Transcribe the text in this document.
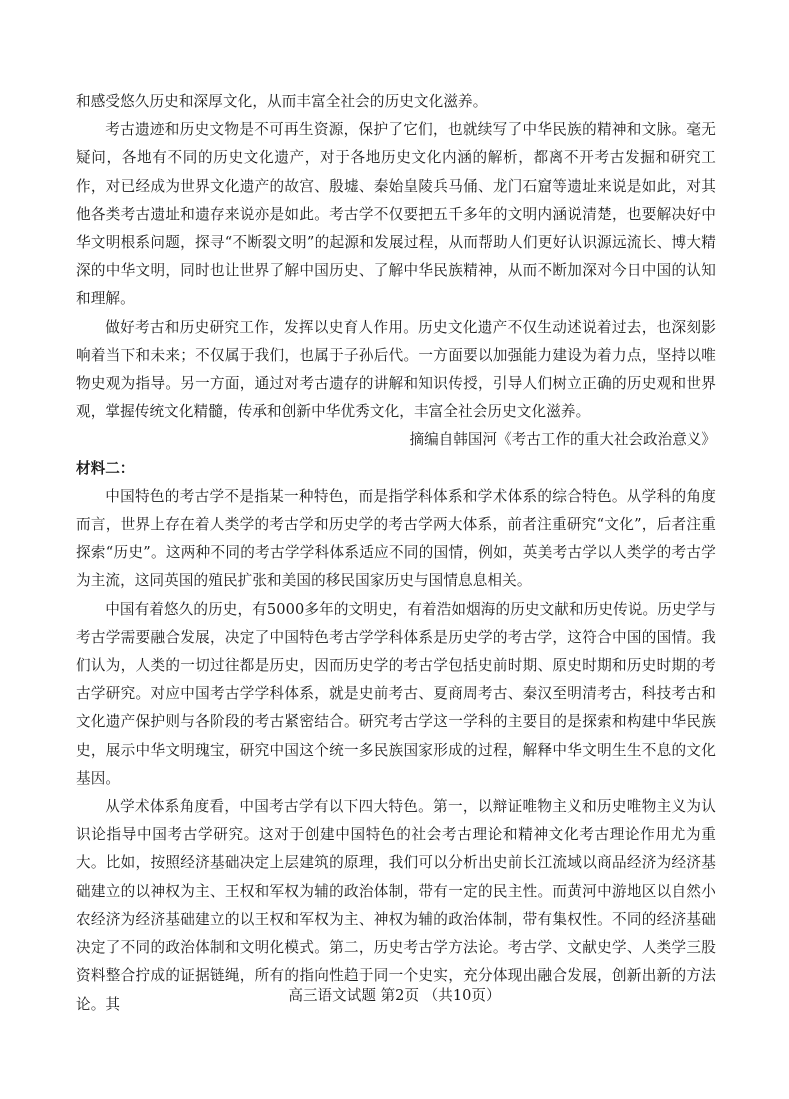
和感受悠久历史和深厚文化，从而丰富全社会的历史文化滋养。

考古遗迹和历史文物是不可再生资源，保护了它们，也就续写了中华民族的精神和文脉。毫无疑问，各地有不同的历史文化遗产，对于各地历史文化内涵的解析，都离不开考古发掘和研究工作，对已经成为世界文化遗产的故宫、殷墟、秦始皇陵兵马俑、龙门石窟等遗址来说是如此，对其他各类考古遗址和遗存来说亦是如此。考古学不仅要把五千多年的文明内涵说清楚，也要解决好中华文明根系问题，探寻“不断裂文明”的起源和发展过程，从而帮助人们更好认识源远流长、博大精深的中华文明，同时也让世界了解中国历史、了解中华民族精神，从而不断加深对今日中国的认知和理解。

做好考古和历史研究工作，发挥以史育人作用。历史文化遗产不仅生动述说着过去，也深刻影响着当下和未来；不仅属于我们，也属于子孙后代。一方面要以加强能力建设为着力点，坚持以唯物史观为指导。另一方面，通过对考古遗存的讲解和知识传授，引导人们树立正确的历史观和世界观，掌握传统文化精髓，传承和创新中华优秀文化，丰富全社会历史文化滋养。

摘编自韩国河《考古工作的重大社会政治意义》

材料二：

中国特色的考古学不是指某一种特色，而是指学科体系和学术体系的综合特色。从学科的角度而言，世界上存在着人类学的考古学和历史学的考古学两大体系，前者注重研究“文化”，后者注重探索“历史”。这两种不同的考古学学科体系适应不同的国情，例如，英美考古学以人类学的考古学为主流，这同英国的殖民扩张和美国的移民国家历史与国情息息相关。

中国有着悠久的历史，有5000多年的文明史，有着浩如烟海的历史文献和历史传说。历史学与考古学需要融合发展，决定了中国特色考古学学科体系是历史学的考古学，这符合中国的国情。我们认为，人类的一切过往都是历史，因而历史学的考古学包括史前时期、原史时期和历史时期的考古学研究。对应中国考古学学科体系，就是史前考古、夏商周考古、秦汉至明清考古，科技考古和文化遗产保护则与各阶段的考古紧密结合。研究考古学这一学科的主要目的是探索和构建中华民族史，展示中华文明瑰宝，研究中国这个统一多民族国家形成的过程，解释中华文明生生不息的文化基因。

从学术体系角度看，中国考古学有以下四大特色。第一，以辩证唯物主义和历史唯物主义为认识论指导中国考古学研究。这对于创建中国特色的社会考古理论和精神文化考古理论作用尤为重大。比如，按照经济基础决定上层建筑的原理，我们可以分析出史前长江流域以商品经济为经济基础建立的以神权为主、王权和军权为辅的政治体制，带有一定的民主性。而黄河中游地区以自然小农经济为经济基础建立的以王权和军权为主、神权为辅的政治体制，带有集权性。不同的经济基础决定了不同的政治体制和文明化模式。第二，历史考古学方法论。考古学、文献史学、人类学三股资料整合拧成的证据链绳，所有的指向性趋于同一个史实，充分体现出融合发展，创新出新的方法论。其	高三语文试题 第2页 （共10页）
